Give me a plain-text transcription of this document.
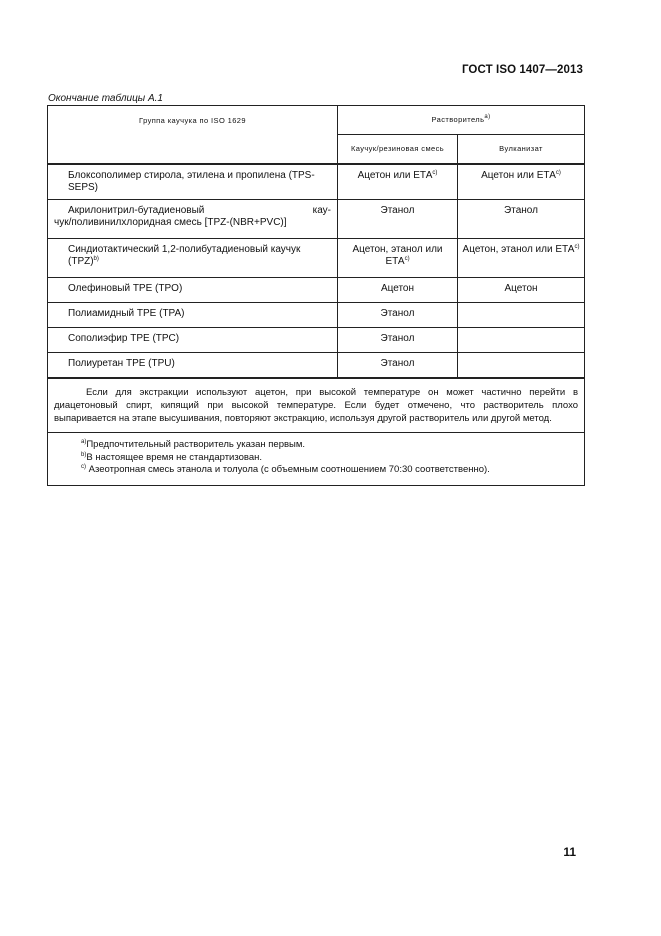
ГОСТ ISO 1407—2013
Окончание таблицы А.1
Группа каучука по ISO 1629	Растворитель$^{a)}$
	Каучук/резиновая смесь	Вулканизат
Блоксополимер стирола, этилена и пропилена (TPS-SEPS)	Ацетон или ЕТА$^{c)}$	Ацетон или ЕТА$^{c)}$

Акрилонитрил-бутадиеновый кау-
чук/поливинилхлоридная смесь [TPZ-(NBR+PVC)]	Этанол	Этанол
Синдиотактический 1,2-полибутадиеновый каучук (TPZ)$^{b)}$	Ацетон, этанол или ЕТА$^{c)}$	Ацетон, этанол или ЕТА$^{c)}$
Олефиновый TPE (TPO)	Ацетон	Ацетон
Полиамидный TPE (TPA)	Этанол	
Сополиэфир TPE (TPC)	Этанол	
Полиуретан TPE (TPU)	Этанол	
Если для экстракции используют ацетон, при высокой температуре он может частично перейти в диацетоновый спирт, кипящий при высокой температуре. Если будет отмечено, что растворитель плохо выпаривается на этапе высушивания, повторяют экстракцию, используя другой растворитель или другой метод.		

$^{a)}$Предпочтительный растворитель указан первым.
$^{b)}$В настоящее время не стандартизован.
$^{c)}$ Азеотропная смесь этанола и толуола (с объемным соотношением 70:30 соответственно).		
11
